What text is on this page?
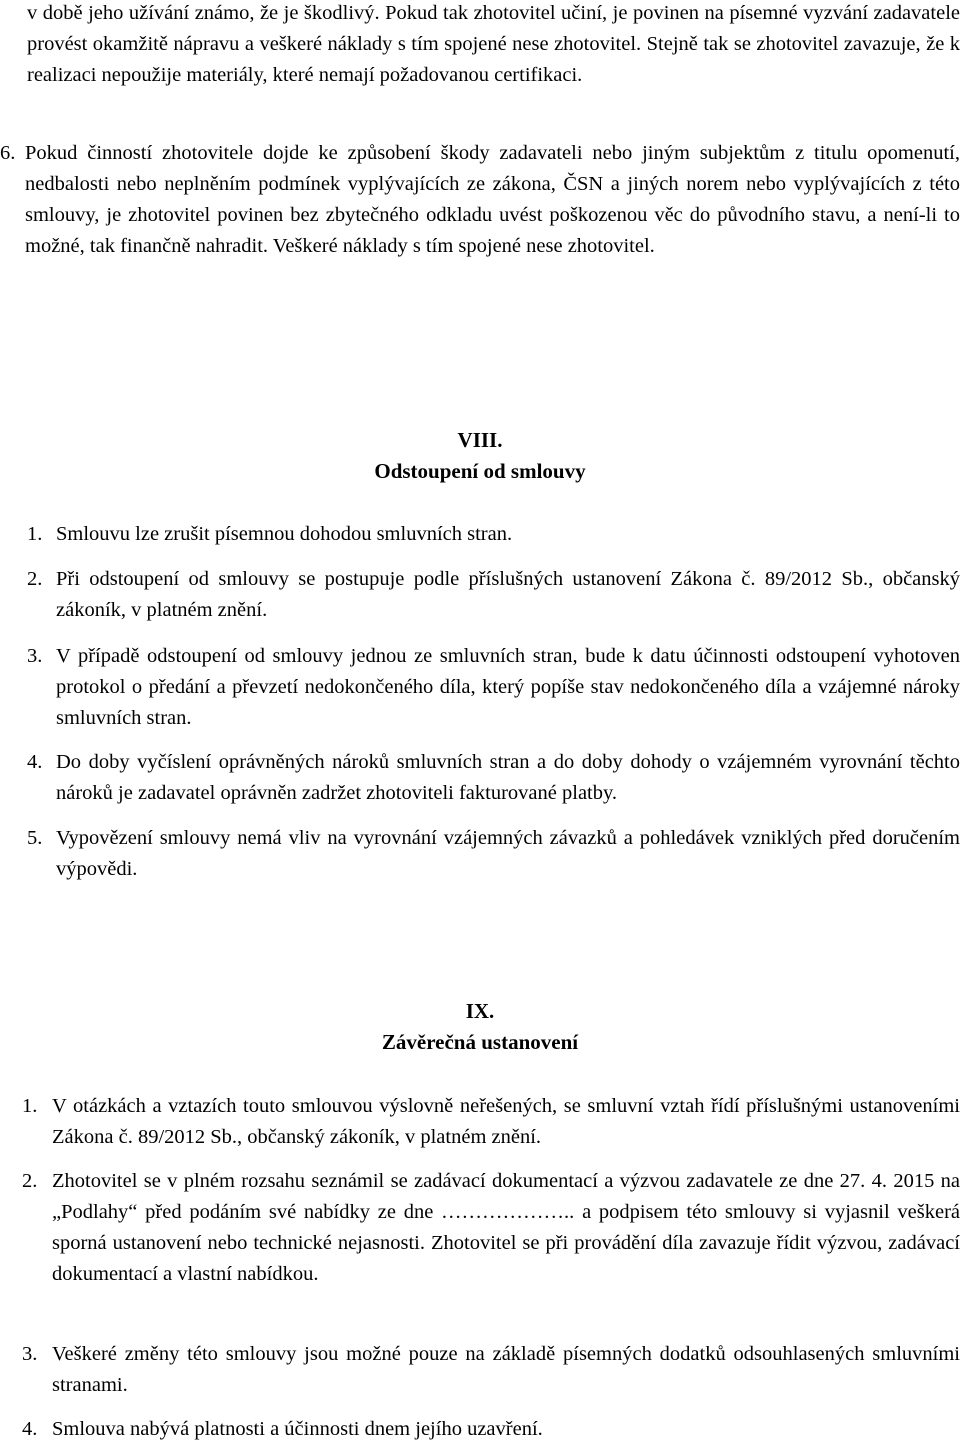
v době jeho užívání známo, že je škodlivý. Pokud tak zhotovitel učiní, je povinen na písemné vyzvání zadavatele provést okamžitě nápravu a veškeré náklady s tím spojené nese zhotovitel. Stejně tak se zhotovitel zavazuje, že k realizaci nepoužije materiály, které nemají požadovanou certifikaci.

6. Pokud činností zhotovitele dojde ke způsobení škody zadavateli nebo jiným subjektům z titulu opomenutí, nedbalosti nebo neplněním podmínek vyplývajících ze zákona, ČSN a jiných norem nebo vyplývajících z této smlouvy, je zhotovitel povinen bez zbytečného odkladu uvést poškozenou věc do původního stavu, a není-li to možné, tak finančně nahradit. Veškeré náklady s tím spojené nese zhotovitel.

VIII.
Odstoupení od smlouvy
1. Smlouvu lze zrušit písemnou dohodou smluvních stran.

2. Při odstoupení od smlouvy se postupuje podle příslušných ustanovení Zákona č. 89/2012 Sb., občanský zákoník, v platném znění.

3. V případě odstoupení od smlouvy jednou ze smluvních stran, bude k datu účinnosti odstoupení vyhotoven protokol o předání a převzetí nedokončeného díla, který popíše stav nedokončeného díla a vzájemné nároky smluvních stran.

4. Do doby vyčíslení oprávněných nároků smluvních stran a do doby dohody o vzájemném vyrovnání těchto nároků je zadavatel oprávněn zadržet zhotoviteli fakturované platby.

5. Vypovězení smlouvy nemá vliv na vyrovnání vzájemných závazků a pohledávek vzniklých před doručením výpovědi.

IX.
Závěrečná ustanovení
1. V otázkách a vztazích touto smlouvou výslovně neřešených, se smluvní vztah řídí příslušnými ustanoveními Zákona č. 89/2012 Sb., občanský zákoník, v platném znění.

2. Zhotovitel se v plném rozsahu seznámil se zadávací dokumentací a výzvou zadavatele ze dne 27. 4. 2015 na „Podlahy“ před podáním své nabídky ze dne ……………….. a podpisem této smlouvy si vyjasnil veškerá sporná ustanovení nebo technické nejasnosti. Zhotovitel se při provádění díla zavazuje řídit výzvou, zadávací dokumentací a vlastní nabídkou.

3. Veškeré změny této smlouvy jsou možné pouze na základě písemných dodatků odsouhlasených smluvními stranami.

4. Smlouva nabývá platnosti a účinnosti dnem jejího uzavření.
